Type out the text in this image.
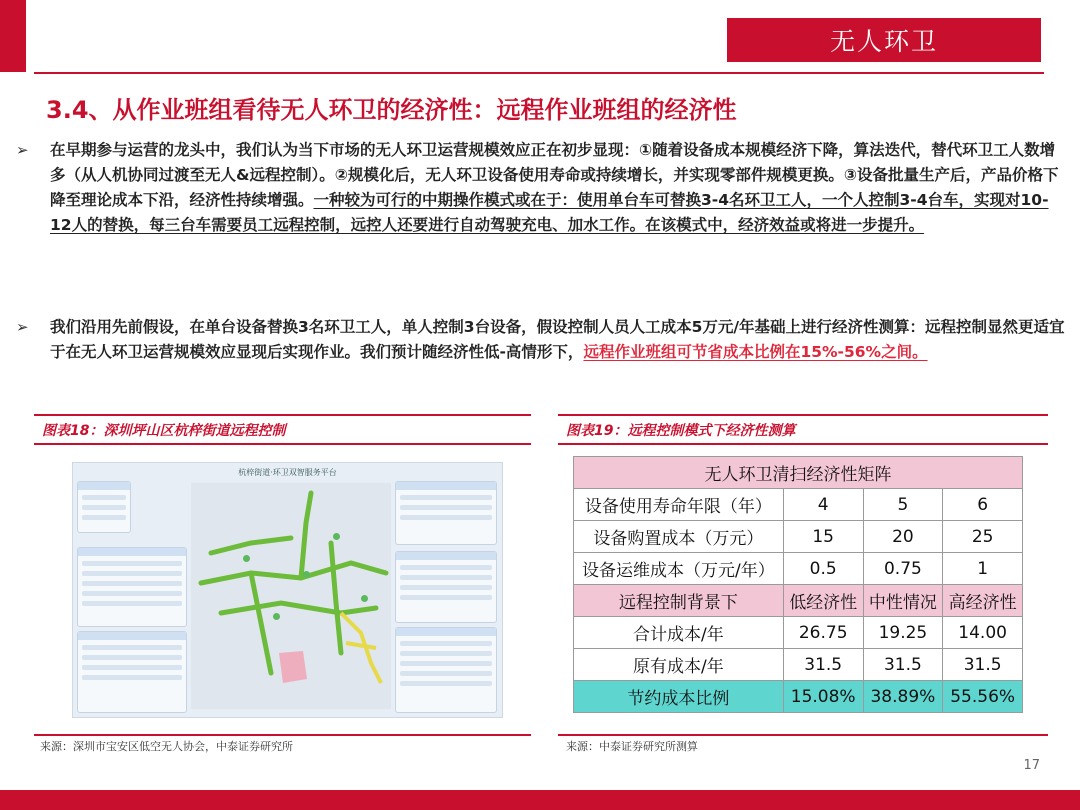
无人环卫
3.4、从作业班组看待无人环卫的经济性：远程作业班组的经济性
➢ 在早期参与运营的龙头中，我们认为当下市场的无人环卫运营规模效应正在初步显现：①随着设备成本规模经济下降，算法迭代，替代环卫工人数增多（从人机协同过渡至无人&远程控制）。②规模化后，无人环卫设备使用寿命或持续增长，并实现零部件规模更换。③设备批量生产后，产品价格下降至理论成本下沿，经济性持续增强。一种较为可行的中期操作模式或在于：使用单台车可替换3-4名环卫工人，一个人控制3-4台车，实现对10-12人的替换，每三台车需要员工远程控制，远控人还要进行自动驾驶充电、加水工作。在该模式中，经济效益或将进一步提升。

➢ 我们沿用先前假设，在单台设备替换3名环卫工人，单人控制3台设备，假设控制人员人工成本5万元/年基础上进行经济性测算：远程控制显然更适宜于在无人环卫运营规模效应显现后实现作业。我们预计随经济性低-高情形下，远程作业班组可节省成本比例在15%-56%之间。

图表18：深圳坪山区杭梓街道远程控制
杭梓街道·环卫双智服务平台
来源：深圳市宝安区低空无人协会，中泰证券研究所
图表19：远程控制模式下经济性测算
无人环卫清扫经济性矩阵			
设备使用寿命年限（年）	4	5	6
设备购置成本（万元）	15	20	25
设备运维成本（万元/年）	0.5	0.75	1
远程控制背景下	低经济性	中性情况	高经济性
合计成本/年	26.75	19.25	14.00
原有成本/年	31.5	31.5	31.5
节约成本比例	15.08%	38.89%	55.56%
来源：中泰证券研究所测算
17
